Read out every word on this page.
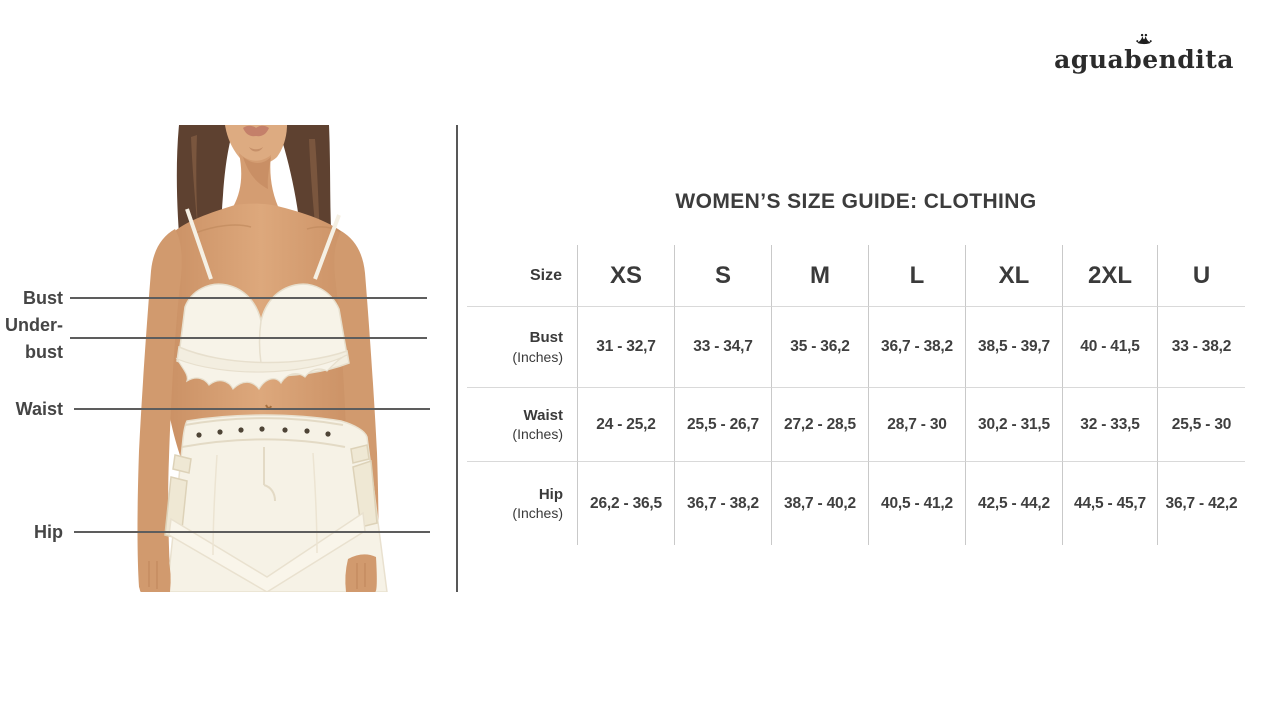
aguabendita
Bust
Under-bust
Waist
Hip
WOMEN’S SIZE GUIDE: CLOTHING
Size	XS	S	M	L	XL	2XL	U
Bust
(Inches)
31 - 32,7	33 - 34,7	35 - 36,2	36,7 - 38,2	38,5 - 39,7	40 - 41,5	33 - 38,2
Waist
(Inches)
24 - 25,2	25,5 - 26,7	27,2 - 28,5	28,7 - 30	30,2 - 31,5	32 - 33,5	25,5 - 30
Hip
(Inches)
26,2 - 36,5	36,7 - 38,2	38,7 - 40,2	40,5 - 41,2	42,5 - 44,2	44,5 - 45,7	36,7 - 42,2
